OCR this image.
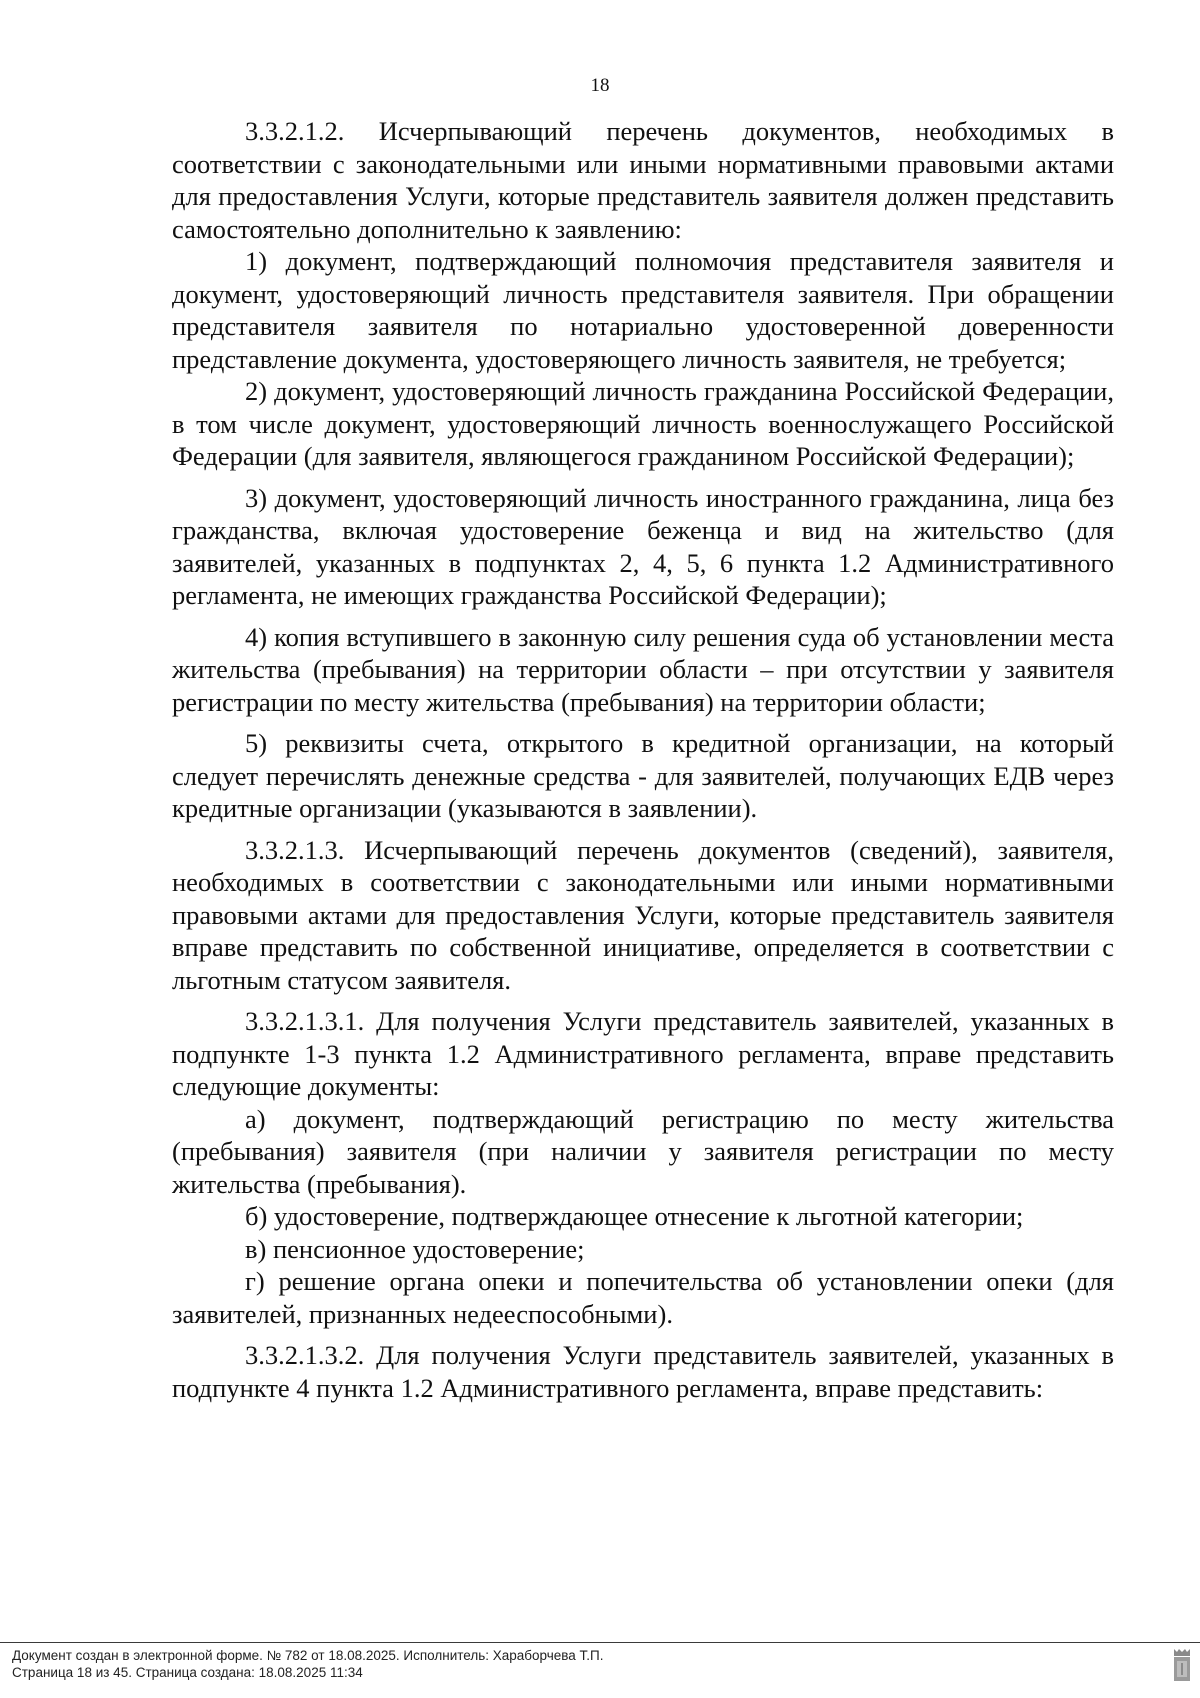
18

3.3.2.1.2. Исчерпывающий перечень документов, необходимых в соответствии с законодательными или иными нормативными правовыми актами для предоставления Услуги, которые представитель заявителя должен представить самостоятельно дополнительно к заявлению:

1) документ, подтверждающий полномочия представителя заявителя и документ, удостоверяющий личность представителя заявителя. При обращении представителя заявителя по нотариально удостоверенной доверенности представление документа, удостоверяющего личность заявителя, не требуется;

2) документ, удостоверяющий личность гражданина Российской Федерации, в том числе документ, удостоверяющий личность военнослужащего Российской Федерации (для заявителя, являющегося гражданином Российской Федерации);

3) документ, удостоверяющий личность иностранного гражданина, лица без гражданства, включая удостоверение беженца и вид на жительство (для заявителей, указанных в подпунктах 2, 4, 5, 6 пункта 1.2 Административного регламента, не имеющих гражданства Российской Федерации);

4) копия вступившего в законную силу решения суда об установлении места жительства (пребывания) на территории области – при отсутствии у заявителя регистрации по месту жительства (пребывания) на территории области;

5) реквизиты счета, открытого в кредитной организации, на который следует перечислять денежные средства - для заявителей, получающих ЕДВ через кредитные организации (указываются в заявлении).

3.3.2.1.3. Исчерпывающий перечень документов (сведений), заявителя, необходимых в соответствии с законодательными или иными нормативными правовыми актами для предоставления Услуги, которые представитель заявителя вправе представить по собственной инициативе, определяется в соответствии с льготным статусом заявителя.

3.3.2.1.3.1. Для получения Услуги представитель заявителей, указанных в подпункте 1-3 пункта 1.2 Административного регламента, вправе представить следующие документы:

а) документ, подтверждающий регистрацию по месту жительства (пребывания) заявителя (при наличии у заявителя регистрации по месту жительства (пребывания).

б) удостоверение, подтверждающее отнесение к льготной категории;

в) пенсионное удостоверение;

г) решение органа опеки и попечительства об установлении опеки (для заявителей, признанных недееспособными).

3.3.2.1.3.2. Для получения Услуги представитель заявителей, указанных в подпункте 4 пункта 1.2 Административного регламента, вправе представить:

Документ создан в электронной форме. № 782 от 18.08.2025. Исполнитель: Хараборчева Т.П.
Страница 18 из 45. Страница создана: 18.08.2025 11:34
